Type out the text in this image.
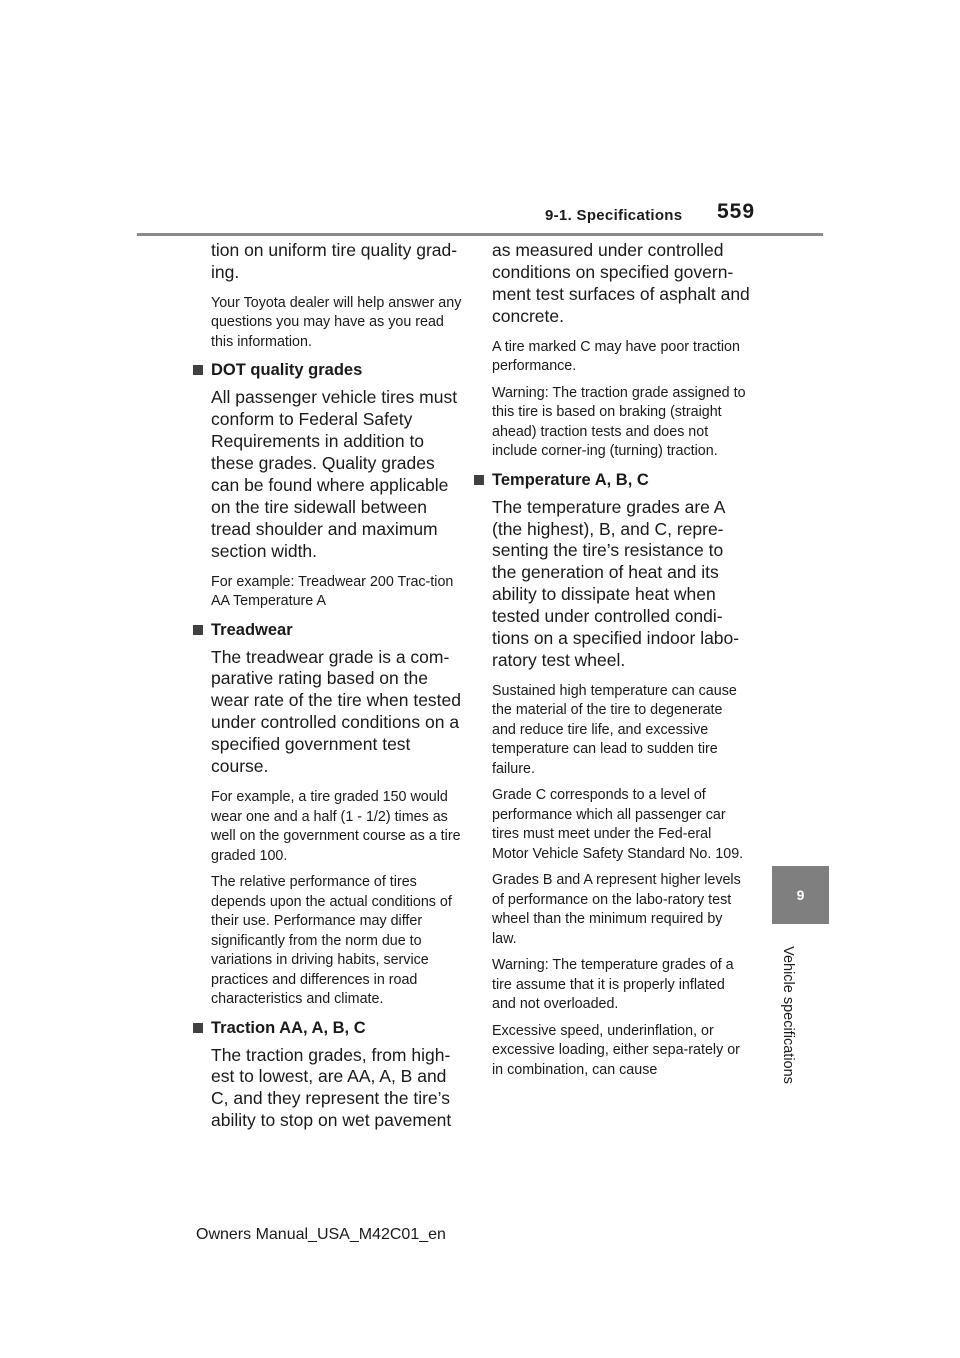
9-1. Specifications 559
9
Vehicle specifications

tion on uniform tire quality grad-ing.

Your Toyota dealer will help answer any questions you may have as you read this information.

DOT quality grades

All passenger vehicle tires must conform to Federal Safety Requirements in addition to these grades. Quality grades can be found where applicable on the tire sidewall between tread shoulder and maximum section width.

For example: Treadwear 200 Trac-tion AA Temperature A

Treadwear

The treadwear grade is a com-parative rating based on the wear rate of the tire when tested under controlled conditions on a specified government test course.

For example, a tire graded 150 would wear one and a half (1 - 1/2) times as well on the government course as a tire graded 100.

The relative performance of tires depends upon the actual conditions of their use. Performance may differ significantly from the norm due to variations in driving habits, service practices and differences in road characteristics and climate.

Traction AA, A, B, C

The traction grades, from high-est to lowest, are AA, A, B and C, and they represent the tire’s ability to stop on wet pavement

as measured under controlled conditions on specified govern-ment test surfaces of asphalt and concrete.

A tire marked C may have poor traction performance.

Warning: The traction grade assigned to this tire is based on braking (straight ahead) traction tests and does not include corner-ing (turning) traction.

Temperature A, B, C

The temperature grades are A (the highest), B, and C, repre-senting the tire’s resistance to the generation of heat and its ability to dissipate heat when tested under controlled condi-tions on a specified indoor labo-ratory test wheel.

Sustained high temperature can cause the material of the tire to degenerate and reduce tire life, and excessive temperature can lead to sudden tire failure.

Grade C corresponds to a level of performance which all passenger car tires must meet under the Fed-eral Motor Vehicle Safety Standard No. 109.

Grades B and A represent higher levels of performance on the labo-ratory test wheel than the minimum required by law.

Warning: The temperature grades of a tire assume that it is properly inflated and not overloaded.

Excessive speed, underinflation, or excessive loading, either sepa-rately or in combination, can cause

Owners Manual_USA_M42C01_en
